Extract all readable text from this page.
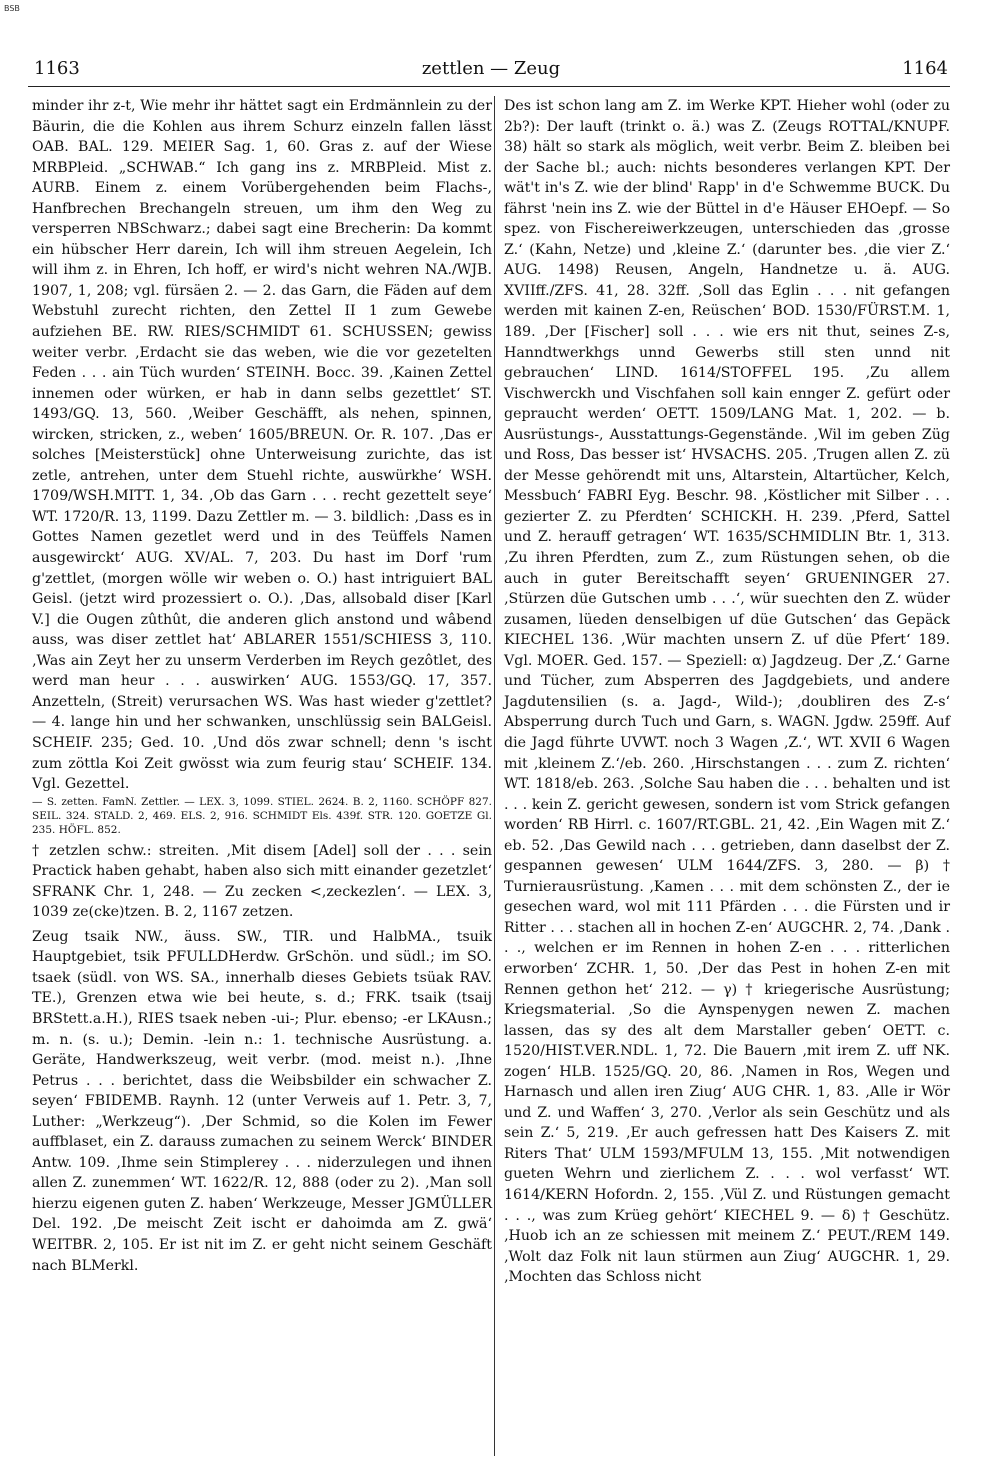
BSB
1163	zettlen — Zeug	1164

minder ihr z-t, Wie mehr ihr hättet sagt ein Erdmännlein zu der Bäurin, die die Kohlen aus ihrem Schurz einzeln fallen lässt OAB. BAL. 129. MEIER Sag. 1, 60. Gras z. auf der Wiese MRBPleid. „SCHWAB.“ Ich gang ins z. MRBPleid. Mist z. AURB. Einem z. einem Vorübergehenden beim Flachs-, Hanfbrechen Brechangeln streuen, um ihm den Weg zu versperren NBSchwarz.; dabei sagt eine Brecherin: Da kommt ein hübscher Herr darein, Ich will ihm streuen Aegelein, Ich will ihm z. in Ehren, Ich hoff, er wird's nicht wehren NA./WJB. 1907, 1, 208; vgl. fürsäen 2. — 2. das Garn, die Fäden auf dem Webstuhl zurecht richten, den Zettel II 1 zum Gewebe aufziehen BE. RW. RIES/SCHMIDT 61. SCHUSSEN; gewiss weiter verbr. ‚Erdacht sie das weben, wie die vor gezetelten Feden . . . ain Tüch wurden‘ STEINH. Bocc. 39. ‚Kainen Zettel innemen oder würken, er hab in dann selbs gezettlet‘ ST. 1493/GQ. 13, 560. ‚Weiber Geschäfft, als nehen, spinnen, wircken, stricken, z., weben‘ 1605/BREUN. Or. R. 107. ‚Das er solches [Meisterstück] ohne Unterweisung zurichte, das ist zetle, antrehen, unter dem Stuehl richte, auswürkhe‘ WSH. 1709/WSH.MITT. 1, 34. ‚Ob das Garn . . . recht gezettelt seye‘ WT. 1720/R. 13, 1199. Dazu Zettler m. — 3. bildlich: ‚Dass es in Gottes Namen gezetlet werd und in des Teüffels Namen ausgewirckt‘ AUG. XV/AL. 7, 203. Du hast im Dorf 'rum g'zettlet, (morgen wölle wir weben o. O.) hast intriguiert BAL Geisl. (jetzt wird prozessiert o. O.). ‚Das, allsobald diser [Karl V.] die Ougen zûthût, die anderen glich anstond und wâbend auss, was diser zettlet hat‘ ABLARER 1551/SCHIESS 3, 110. ‚Was ain Zeyt her zu unserm Verderben im Reych gezôtlet, des werd man heur . . . auswirken‘ AUG. 1553/GQ. 17, 357. Anzetteln, (Streit) verursachen WS. Was hast wieder g'zettlet? — 4. lange hin und her schwanken, unschlüssig sein BALGeisl. SCHEIF. 235; Ged. 10. ‚Und dös zwar schnell; denn 's ischt zum zöttla Koi Zeit gwösst wia zum feurig stau‘ SCHEIF. 134. Vgl. Gezettel.

— S. zetten. FamN. Zettler. — LEX. 3, 1099. STIEL. 2624. B. 2, 1160. SCHÖPF 827. SEIL. 324. STALD. 2, 469. ELS. 2, 916. SCHMIDT Els. 439f. STR. 120. GOETZE Gl. 235. HÖFL. 852.

† zetzlen schw.: streiten. ‚Mit disem [Adel] soll der . . . sein Practick haben gehabt, haben also sich mitt einander gezetzlet‘ SFRANK Chr. 1, 248. — Zu zecken <‚zeckezlen‘. — LEX. 3, 1039 ze(cke)tzen. B. 2, 1167 zetzen.

Zeug tsaik NW., äuss. SW., TIR. und HalbMA., tsuik Hauptgebiet, tsik PFULLDHerdw. GrSchön. und südl.; im SO. tsaek (südl. von WS. SA., innerhalb dieses Gebiets tsüak RAV. TE.), Grenzen etwa wie bei heute, s. d.; FRK. tsaik (tsaij BRStett.a.H.), RIES tsaek neben -ui-; Plur. ebenso; -er LKAusn.; m. n. (s. u.); Demin. -lein n.: 1. technische Ausrüstung. a. Geräte, Handwerkszeug, weit verbr. (mod. meist n.). ‚Ihne Petrus . . . berichtet, dass die Weibsbilder ein schwacher Z. seyen‘ FBIDEMB. Raynh. 12 (unter Verweis auf 1. Petr. 3, 7, Luther: „Werkzeug“). ‚Der Schmid, so die Kolen im Fewer auffblaset, ein Z. darauss zumachen zu seinem Werck‘ BINDER Antw. 109. ‚Ihme sein Stimplerey . . . niderzulegen und ihnen allen Z. zunemmen‘ WT. 1622/R. 12, 888 (oder zu 2). ‚Man soll hierzu eigenen guten Z. haben‘ Werkzeuge, Messer JGMÜLLER Del. 192. ‚De meischt Zeit ischt er dahoimda am Z. gwä‘ WEITBR. 2, 105. Er ist nit im Z. er geht nicht seinem Geschäft nach BLMerkl.

Des ist schon lang am Z. im Werke KPT. Hieher wohl (oder zu 2b?): Der lauft (trinkt o. ä.) was Z. (Zeugs ROTTAL/KNUPF. 38) hält so stark als möglich, weit verbr. Beim Z. bleiben bei der Sache bl.; auch: nichts besonderes verlangen KPT. Der wät't in's Z. wie der blind' Rapp' in d'e Schwemme BUCK. Du fährst 'nein ins Z. wie der Büttel in d'e Häuser EHOepf. — So spez. von Fischereiwerkzeugen, unterschieden das ‚grosse Z.‘ (Kahn, Netze) und ‚kleine Z.‘ (darunter bes. ‚die vier Z.‘ AUG. 1498) Reusen, Angeln, Handnetze u. ä. AUG. XVIIff./ZFS. 41, 28. 32ff. ‚Soll das Eglin . . . nit gefangen werden mit kainen Z-en, Reüschen‘ BOD. 1530/FÜRST.M. 1, 189. ‚Der [Fischer] soll . . . wie ers nit thut, seines Z-s, Hanndtwerkhgs unnd Gewerbs still sten unnd nit gebrauchen‘ LIND. 1614/STOFFEL 195. ‚Zu allem Vischwerckh und Vischfahen soll kain ennger Z. gefürt oder gepraucht werden‘ OETT. 1509/LANG Mat. 1, 202. — b. Ausrüstungs-, Ausstattungs-Gegenstände. ‚Wil im geben Züg und Ross, Das besser ist‘ HVSACHS. 205. ‚Trugen allen Z. zü der Messe gehörendt mit uns, Altarstein, Altartücher, Kelch, Messbuch‘ FABRI Eyg. Beschr. 98. ‚Köstlicher mit Silber . . . gezierter Z. zu Pferdten‘ SCHICKH. H. 239. ‚Pferd, Sattel und Z. herauff getragen‘ WT. 1635/SCHMIDLIN Btr. 1, 313. ‚Zu ihren Pferdten, zum Z., zum Rüstungen sehen, ob die auch in guter Bereitschafft seyen‘ GRUENINGER 27. ‚Stürzen düe Gutschen umb . . .‘, wür suechten den Z. wüder zusamen, lüeden denselbigen uf düe Gutschen‘ das Gepäck KIECHEL 136. ‚Wür machten unsern Z. uf düe Pfert‘ 189. Vgl. MOER. Ged. 157. — Speziell: α) Jagdzeug. Der ‚Z.‘ Garne und Tücher, zum Absperren des Jagdgebiets, und andere Jagdutensilien (s. a. Jagd-, Wild-); ‚doubliren des Z-s‘ Absperrung durch Tuch und Garn, s. WAGN. Jgdw. 259ff. Auf die Jagd führte UVWT. noch 3 Wagen ‚Z.‘, WT. XVII 6 Wagen mit ‚kleinem Z.‘/eb. 260. ‚Hirschstangen . . . zum Z. richten‘ WT. 1818/eb. 263. ‚Solche Sau haben die . . . behalten und ist . . . kein Z. gericht gewesen, sondern ist vom Strick gefangen worden‘ RB Hirrl. c. 1607/RT.GBL. 21, 42. ‚Ein Wagen mit Z.‘ eb. 52. ‚Das Gewild nach . . . getrieben, dann daselbst der Z. gespannen gewesen‘ ULM 1644/ZFS. 3, 280. — β) † Turnierausrüstung. ‚Kamen . . . mit dem schönsten Z., der ie gesechen ward, wol mit 111 Pfärden . . . die Fürsten und ir Ritter . . . stachen all in hochen Z-en‘ AUGCHR. 2, 74. ‚Dank . . ., welchen er im Rennen in hohen Z-en . . . ritterlichen erworben‘ ZCHR. 1, 50. ‚Der das Pest in hohen Z-en mit Rennen gethon het‘ 212. — γ) † kriegerische Ausrüstung; Kriegsmaterial. ‚So die Aynspenygen newen Z. machen lassen, das sy des alt dem Marstaller geben‘ OETT. c. 1520/HIST.VER.NDL. 1, 72. Die Bauern ‚mit irem Z. uff NK. zogen‘ HLB. 1525/GQ. 20, 86. ‚Namen in Ros, Wegen und Harnasch und allen iren Ziug‘ AUG CHR. 1, 83. ‚Alle ir Wör und Z. und Waffen‘ 3, 270. ‚Verlor als sein Geschütz und als sein Z.‘ 5, 219. ‚Er auch gefressen hatt Des Kaisers Z. mit Riters That‘ ULM 1593/MFULM 13, 155. ‚Mit notwendigen gueten Wehrn und zierlichem Z. . . . wol verfasst‘ WT. 1614/KERN Hofordn. 2, 155. ‚Vül Z. und Rüstungen gemacht . . ., was zum Krüeg gehört‘ KIECHEL 9. — δ) † Geschütz. ‚Huob ich an ze schiessen mit meinem Z.‘ PEUT./REM 149. ‚Wolt daz Folk nit laun stürmen aun Ziug‘ AUGCHR. 1, 29. ‚Mochten das Schloss nicht
